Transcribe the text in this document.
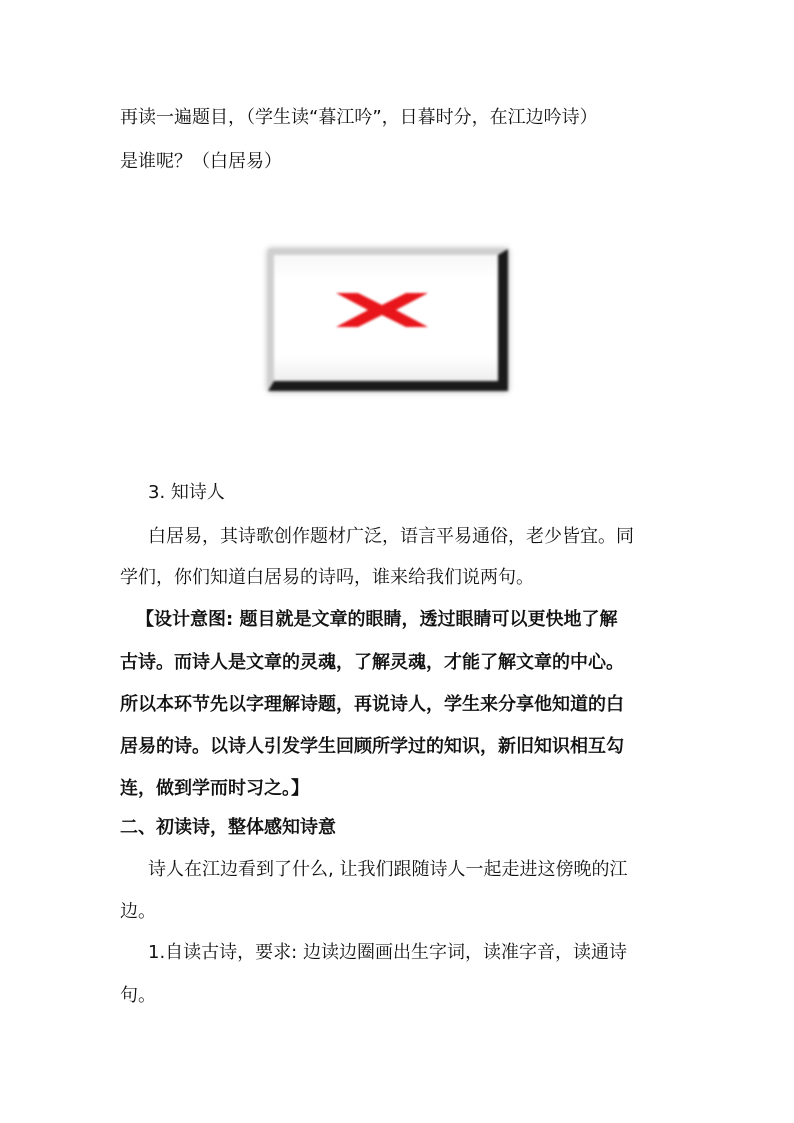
再读一遍题目，（学生读“暮江吟”，日暮时分，在江边吟诗）
是谁呢？（白居易）
3. 知诗人
白居易，其诗歌创作题材广泛，语言平易通俗，老少皆宜。同
学们，你们知道白居易的诗吗，谁来给我们说两句。
【设计意图: 题目就是文章的眼睛，透过眼睛可以更快地了解
古诗。而诗人是文章的灵魂，了解灵魂，才能了解文章的中心。
所以本环节先以字理解诗题，再说诗人，学生来分享他知道的白
居易的诗。以诗人引发学生回顾所学过的知识，新旧知识相互勾
连，做到学而时习之。】
二、初读诗，整体感知诗意
诗人在江边看到了什么, 让我们跟随诗人一起走进这傍晚的江
边。
1.自读古诗，要求: 边读边圈画出生字词，读准字音，读通诗
句。
